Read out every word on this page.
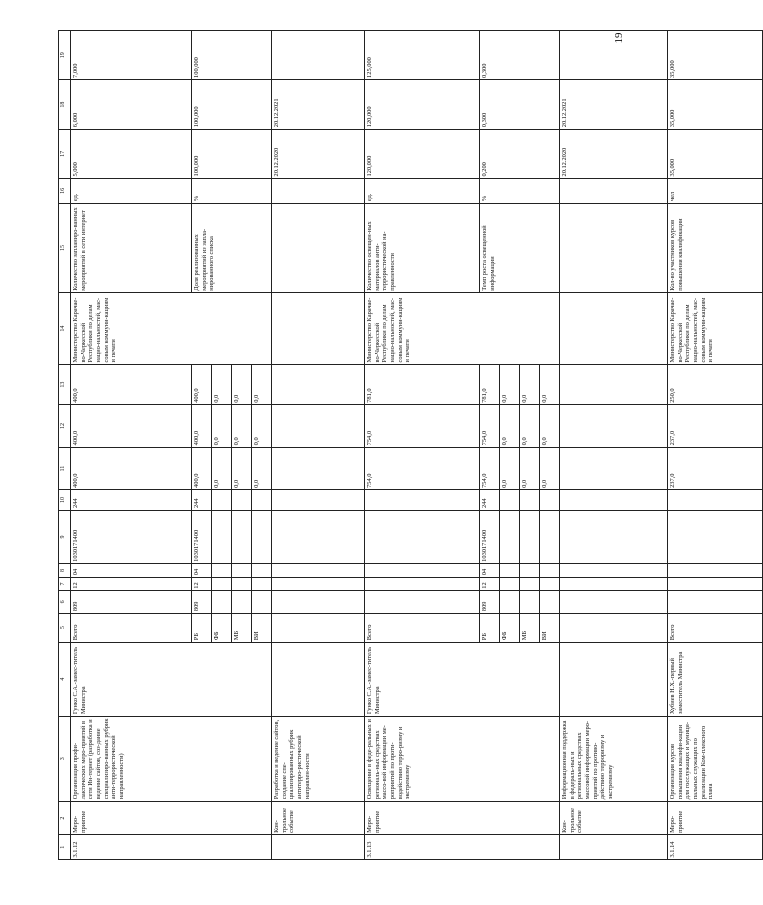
19
1	2	3	4	5	6	7	8	9	10	11	12	13	14	15	16	17	18	19
3.1.12	Меро-приятие	Организация профи-лактических меро-приятий в сети Ин-тернет (разработка и ведение сайтов, соз-дание специализиро-ванных рубрик анти-террористической направленности)	Гунко С.А.-замес-титель Министра	Всего	809	12	04	1030171400	244	400,0	400,0	400,0	Министерство Карачае-во-Черкесской Республики по делам нацио-нальностей, мас-совым коммуни-кациям и печати	Количество запланиро-ванных мероприятий в сети интернет	ед.	5,000	6,000	7,000
				РБ	809	12	04	1030171400	244	400,0	400,0	400,0		Доля реализованных мероприятий из запла-нированного списка	%	100,000	100,000	100,000
				ФБ						0,0	0,0	0,0						
				МБ						0,0	0,0	0,0						
				ВИ						0,0	0,0	0,0						
	Кон-трольное событие	Разработка и ведение сайтов, создание спе-циализированных рубрик антитерро-ристической направлен-ности														20.12.2020	20.12.2021	
3.1.13	Меро-приятие	Освещение в феде-ральных и региональ-ных средствах массо-вой информации ме-роприятий по проти-водействию терро-ризму и экстремизму	Гунко С.А.-замес-титель Министра	Всего						754,0	754,0	781,0	Министерство Карачае-во-Черкесской Республики по делам нацио-нальностей, мас-совым коммуни-кациям и печати	Количество освещен-ных материалов анти-террористической на-правленности	ед.	120,000	120,000	125,000
				РБ	809	12	04	1030171400	244	754,0	754,0	781,0		Темп роста освещенной информации	%	0,200	0,300	0,300
				ФБ						0,0	0,0	0,0						
				МБ						0,0	0,0	0,0						
				ВИ						0,0	0,0	0,0						
	Кон-трольное событие	Информационная поддержка в федераль-ных и региональных средствах массовой информации меро-приятий по противо-действию терроризму и экстремизму														20.12.2020	20.12.2021	
3.1.14	Меро-приятие	Организация курсов повышения квалифи-кации для госслужащих и муници-пальных служащих по реализации Ком-плексного плана	Хубиев Н.Х.-первый заместитель Министра	Всего						237,0	237,0	250,0	Министерство Карачае-во-Черкесской Республики по делам нацио-нальностей, мас-совым коммуни-кациям и печати	Кол-во участников курсов повышения квалификации	чел	35,000	35,000	35,000
